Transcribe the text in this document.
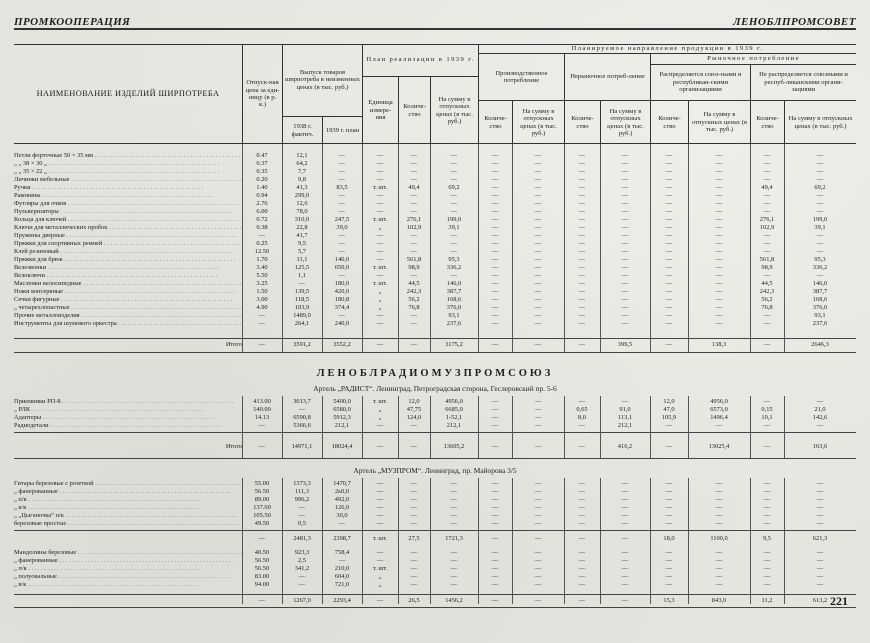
ПРОМКООПЕРАЦИЯ	ЛЕНОБЛПРОМСОВЕТ
НАИМЕНОВАНИЕ ИЗДЕЛИЙ ШИРПОТРЕБА
Отпуск-ная цена за еди-ницу (в р. к.)
Выпуск товаров ширпотреба в неизменных ценах (в тыс. руб.)
1938 г. фактич.
1939 г. план
План реализации в 1939 г.
Единица измере-ния
Количе-ство
На сумму в отпускных ценах (в тыс. руб.)
Планируемое направление продукции в 1939 г.
Производственное потребление
Нерыночное потреб-ление
Рыночное потребление
Распределяется союз-ными и республикан-скими организациями
Не распределяется союзными и респуб-ликанскими органи-зациями
Количе-ство
На сумму в отпускных ценах (в тыс. руб.)
Количе-ство
На сумму в отпускных ценах (в тыс. руб.)
Количе-ство
На сумму в отпускных ценах (в тыс. руб.)
Количе-ство
На сумму в отпускных ценах (в тыс. руб.)
Петли форточные 50 × 35 мм . . .	0.47	12,1	—	—	—	—	—	—	—	—	—	—	—	—
„ „ 38 × 30 „ . . .	0.37	64,2	—	—	—	—	—	—	—	—	—	—	—	—
„ „ 35 × 22 „ . . .	0.35	7,7	—	—	—	—	—	—	—	—	—	—	—	—
Личинки мебельные . . .	0.20	9,8	—	—	—	—	—	—	—	—	—	—	—	—
Ручки . . .	1.40	41,3	83,5	т. шт.	49,4	69,2	—	—	—	—	—	—	49,4	69,2
Раковины . . .	0.94	299,0	—	—	—	—	—	—	—	—	—	—	—	—
Футляры для очков . . .	2.76	12,6	—	—	—	—	—	—	—	—	—	—	—	—
Пульверизаторы . . .	6.00	78,0	—	—	—	—	—	—	—	—	—	—	—	—
Кольца для ключей . . .	0.72	310,0	247,5	т. шт.	276,1	199,0	—	—	—	—	—	—	276,1	199,0
Ключи для металлических пробок . . .	0.38	22,8	39,0	„	102,9	39,1	—	—	—	—	—	—	102,9	39,1
Пружины дверные . . .	—	41,7	—	—	—	—	—	—	—	—	—	—	—	—
Пряжки для спортивных ремней . . .	0.25	9,5	—	—	—	—	—	—	—	—	—	—	—	—
Клей резиновый . . .	12.50	5,7	—	—	—	—	—	—	—	—	—	—	—	—
Пряжки для брюк . . .	1.70	11,1	140,0	—	561,8	95,3	—	—	—	—	—	—	561,8	95,3
Велозвонки . . .	3.40	125,5	650,0	т. шт.	98,9	336,2	—	—	—	—	—	—	98,9	336,2
Велоключи . . .	5.50	1,1	—	—	—	—	—	—	—	—	—	—	—	—
Масленки велосипедные . . .	3.25	—	180,0	т. шт.	44,5	146,0	—	—	—	—	—	—	44,5	146,0
Ножи консервные . . .	1.50	139,5	420,0	„	242,3	387,7	—	—	—	—	—	—	242,3	387,7
Сечки фигурные . . .	3.00	118,5	180,8	„	56,2	168,6	—	—	—	—	—	—	56,2	168,6
„ четырехлопастные . . .	4.90	103,9	374,4	„	76,8	376,0	—	—	—	—	—	—	76,8	376,0
Прочие металлоизделия . . .	—	1489,0	—	—	—	93,1	—	—	—	—	—	—	—	93,1
Инструменты для шумового оркестра . . .	—	264,1	240,0	—	—	237,6	—	—	—	—	—	—	—	237,6
Итого	—	3591,2	3552,2	—	—	3175,2	—	—	—	399,5	—	138,3	—	2646,3
Приемники РП-8 . . .	413.00	3013,7	5400,0	т. шт.	12,0	4956,0	—	—	—	—	12,0	4956,0	—	—
„ РЛК . . .	140.00	—	6580,0	„	47,75	6685,0	—	—	0,65	91,0	47,0	6573,0	0,15	21,0
Адаптеры . . .	14.13	6590,8	5912,3	„	124,0	1-52,1	—	—	8,0	113,1	105,9	1496,4	10,1	142,6
Радиодетали . . .	—	5366,6	212,1	—	—	212,1	—	—	—	212,1	—	—	—	—
Итого	—	14971,1	18024,4	—	—	13605,2	—	—	—	416,2	—	13025,4	—	163,6
Гитары березовые с розеткой . . .	55.00	1373,3	1470,7	—	—	—	—	—	—	—	—	—	—	—
„ фанерованные . . .	56.50	111,3	2ь0,0	—	—	—	—	—	—	—	—	—	—	—
„ п/к . . .	89.00	996,2	492,0	—	—	—	—	—	—	—	—	—	—	—
„ в/к . . .	137.60	—	126,0	—	—	—	—	—	—	—	—	—	—	—
„ „Цыганочка“ п/к . . .	105.50	—	30,0	—	—	—	—	—	—	—	—	—	—	—
березовые простые . . .	49.50	0,5	—	—	—	—	—	—	—	—	—	—	—	—
—	2481,3	2398,7	т. шт.	27,5	1721,3	—	—	—	—	18,0	1100,0	9,5	621,3
Мандолины березовые . . .	40.50	923,3	758,4	—	—	—	—	—	—	—	—	—	—	—
„ фанерованные . . .	56.50	2,5	—	—	—	—	—	—	—	—	—	—	—	—
„ п/к . . .	56.50	341,2	210,0	т. шт.	—	—	—	—	—	—	—	—	—	—
„ полуовальные . . .	83.00	—	604,0	„	—	—	—	—	—	—	—	—	—	—
„ в/к . . .	94.00	—	721,0	„	—	—	—	—	—	—	—	—	—	—
—	1267,0	2293,4	—	26,5	1456,2	—	—	—	—	15,3	843,0	11,2	613,2
ЛЕНОБЛРАДИОМУЗПРОМСОЮЗ
Артель „РАДИСТ“. Ленинград, Петроградская сторона, Геслеровский пр. 5-6
Артель „МУЗПРОМ“. Ленинград, пр. Майорова 3/5
221
